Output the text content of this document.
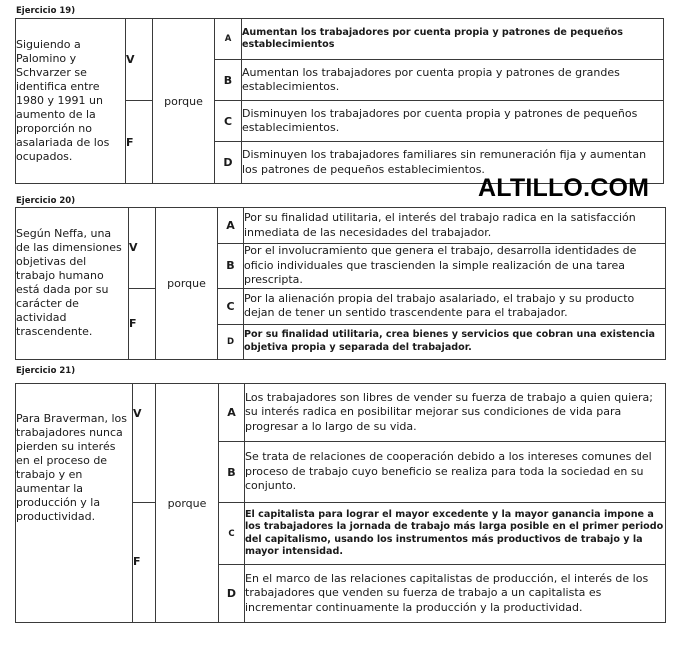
Ejercicio 19)
Siguiendo a Palomino y Schvarzer se identifica entre 1980 y 1991 un aumento de la proporción no asalariada de los ocupados.	V	porque	A	Aumentan los trabajadores por cuenta propia y patrones de pequeños establecimientos
			B	Aumentan los trabajadores por cuenta propia y patrones de grandes establecimientos.
	F		C	Disminuyen los trabajadores por cuenta propia y patrones de pequeños establecimientos.
			D	Disminuyen los trabajadores familiares sin remuneración fija y aumentan los patrones de pequeños establecimientos.
ALTILLO.COM
Ejercicio 20)
Según Neffa, una de las dimensiones objetivas del trabajo humano está dada por su carácter de actividad trascendente.	V	porque	A	Por su finalidad utilitaria, el interés del trabajo radica en la satisfacción inmediata de las necesidades del trabajador.
			B	Por el involucramiento que genera el trabajo, desarrolla identidades de oficio individuales que trascienden la simple realización de una tarea prescripta.
	F		C	Por la alienación propia del trabajo asalariado, el trabajo y su producto dejan de tener un sentido trascendente para el trabajador.
			D	Por su finalidad utilitaria, crea bienes y servicios que cobran una existencia objetiva propia y separada del trabajador.
Ejercicio 21)
Para Braverman, los trabajadores nunca pierden su interés en el proceso de trabajo y en aumentar la producción y la productividad.	V	porque	A	Los trabajadores son libres de vender su fuerza de trabajo a quien quiera; su interés radica en posibilitar mejorar sus condiciones de vida para progresar a lo largo de su vida.
			B	Se trata de relaciones de cooperación debido a los intereses comunes del proceso de trabajo cuyo beneficio se realiza para toda la sociedad en su conjunto.
	F		C	El capitalista para lograr el mayor excedente y la mayor ganancia impone a los trabajadores la jornada de trabajo más larga posible en el primer periodo del capitalismo, usando los instrumentos más productivos de trabajo y la mayor intensidad.
			D	En el marco de las relaciones capitalistas de producción, el interés de los trabajadores que venden su fuerza de trabajo a un capitalista es incrementar continuamente la producción y la productividad.
